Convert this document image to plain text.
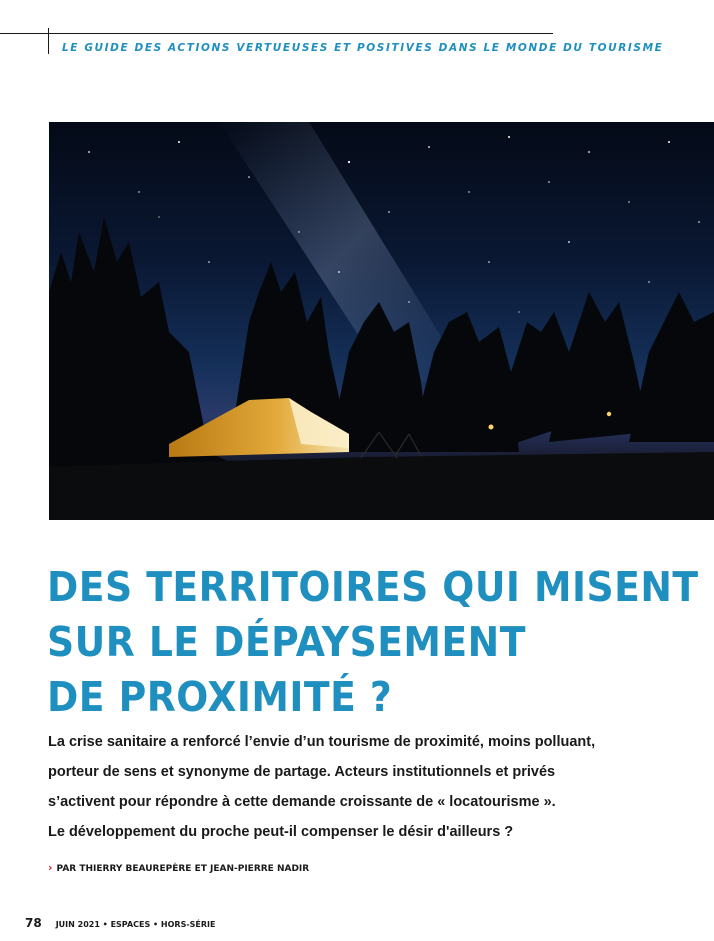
LE GUIDE DES ACTIONS VERTUEUSES ET POSITIVES DANS LE MONDE DU TOURISME
DES TERRITOIRES QUI MISENT
SUR LE DÉPAYSEMENT
DE PROXIMITÉ ?
La crise sanitaire a renforcé l’envie d’un tourisme de proximité, moins polluant,
porteur de sens et synonyme de partage. Acteurs institutionnels et privés
s’activent pour répondre à cette demande croissante de « locatourisme ».
Le développement du proche peut-il compenser le désir d'ailleurs ?
› PAR THIERRY BEAUREPÈRE ET JEAN-PIERRE NADIR
78 JUIN 2021 • ESPACES • HORS-SÉRIE
